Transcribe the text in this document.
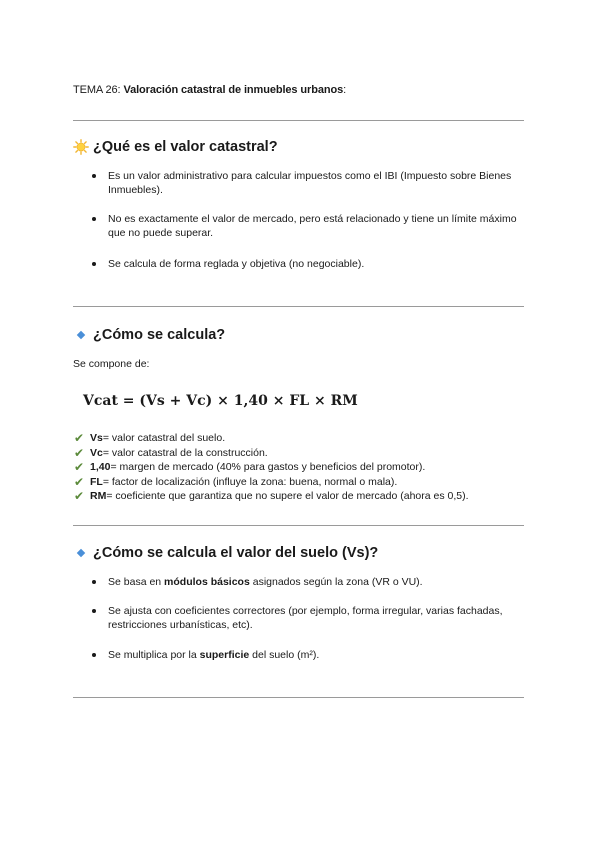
TEMA 26: Valoración catastral de inmuebles urbanos:
¿Qué es el valor catastral?
Es un valor administrativo para calcular impuestos como el IBI (Impuesto sobre Bienes Inmuebles).
No es exactamente el valor de mercado, pero está relacionado y tiene un límite máximo que no puede superar.
Se calcula de forma reglada y objetiva (no negociable).
¿Cómo se calcula?
Se compone de:
Vcat = (Vs + Vc) × 1,40 × FL × RM
✔ Vs = valor catastral del suelo.
✔ Vc = valor catastral de la construcción.
✔ 1,40 = margen de mercado (40% para gastos y beneficios del promotor).
✔ FL = factor de localización (influye la zona: buena, normal o mala).
✔ RM = coeficiente que garantiza que no supere el valor de mercado (ahora es 0,5).
¿Cómo se calcula el valor del suelo (Vs)?
Se basa en módulos básicos asignados según la zona (VR o VU).
Se ajusta con coeficientes correctores (por ejemplo, forma irregular, varias fachadas, restricciones urbanísticas, etc).
Se multiplica por la superficie del suelo (m²).
